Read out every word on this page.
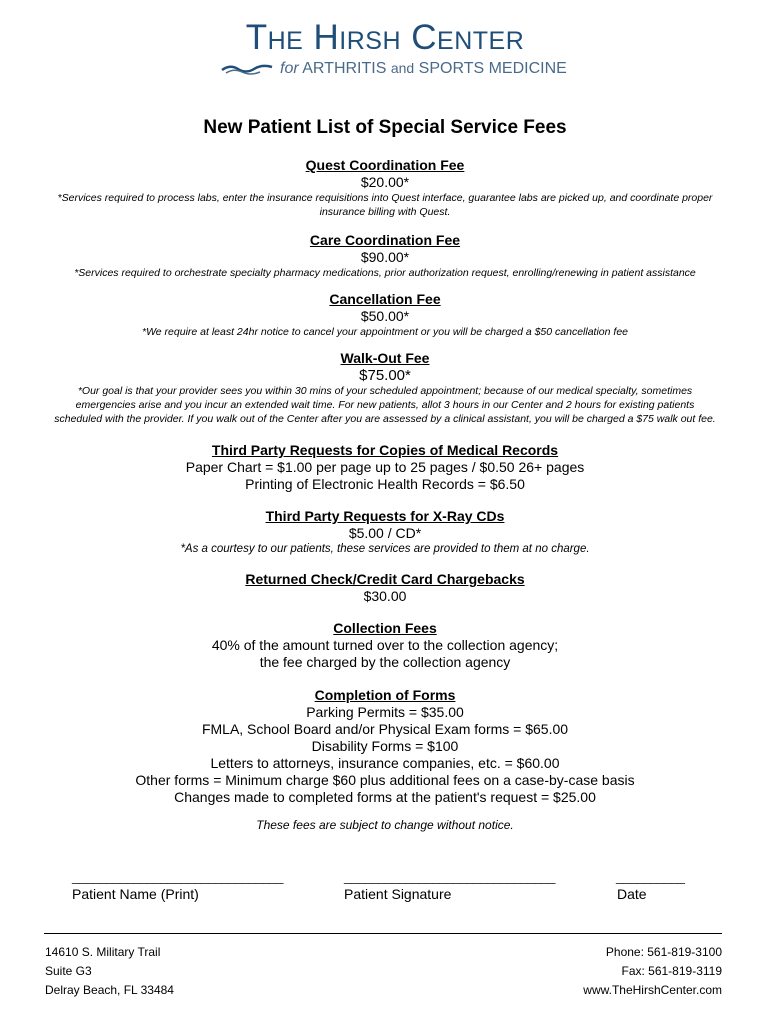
The Hirsh Center
for ARTHRITIS and SPORTS MEDICINE
New Patient List of Special Service Fees
Quest Coordination Fee
$20.00*
*Services required to process labs, enter the insurance requisitions into Quest interface, guarantee labs are picked up, and coordinate proper
insurance billing with Quest.
Care Coordination Fee
$90.00*
*Services required to orchestrate specialty pharmacy medications, prior authorization request, enrolling/renewing in patient assistance
Cancellation Fee
$50.00*
*We require at least 24hr notice to cancel your appointment or you will be charged a $50 cancellation fee
Walk-Out Fee
$75.00*
*Our goal is that your provider sees you within 30 mins of your scheduled appointment; because of our medical specialty, sometimes
emergencies arise and you incur an extended wait time. For new patients, allot 3 hours in our Center and 2 hours for existing patients
scheduled with the provider. If you walk out of the Center after you are assessed by a clinical assistant, you will be charged a $75 walk out fee.
Third Party Requests for Copies of Medical Records
Paper Chart = $1.00 per page up to 25 pages / $0.50 26+ pages
Printing of Electronic Health Records = $6.50
Third Party Requests for X-Ray CDs
$5.00 / CD*
*As a courtesy to our patients, these services are provided to them at no charge.
Returned Check/Credit Card Chargebacks
$30.00
Collection Fees
40% of the amount turned over to the collection agency;
the fee charged by the collection agency
Completion of Forms
Parking Permits = $35.00
FMLA, School Board and/or Physical Exam forms = $65.00
Disability Forms = $100
Letters to attorneys, insurance companies, etc. = $60.00
Other forms = Minimum charge $60 plus additional fees on a case-by-case basis
Changes made to completed forms at the patient's request = $25.00
These fees are subject to change without notice.
_______________________________	_______________________________	__________
Patient Name (Print)	Patient Signature	Date
14610 S. Military Trail
Suite G3
Delray Beach, FL 33484
Phone: 561-819-3100
Fax: 561-819-3119
www.TheHirshCenter.com
